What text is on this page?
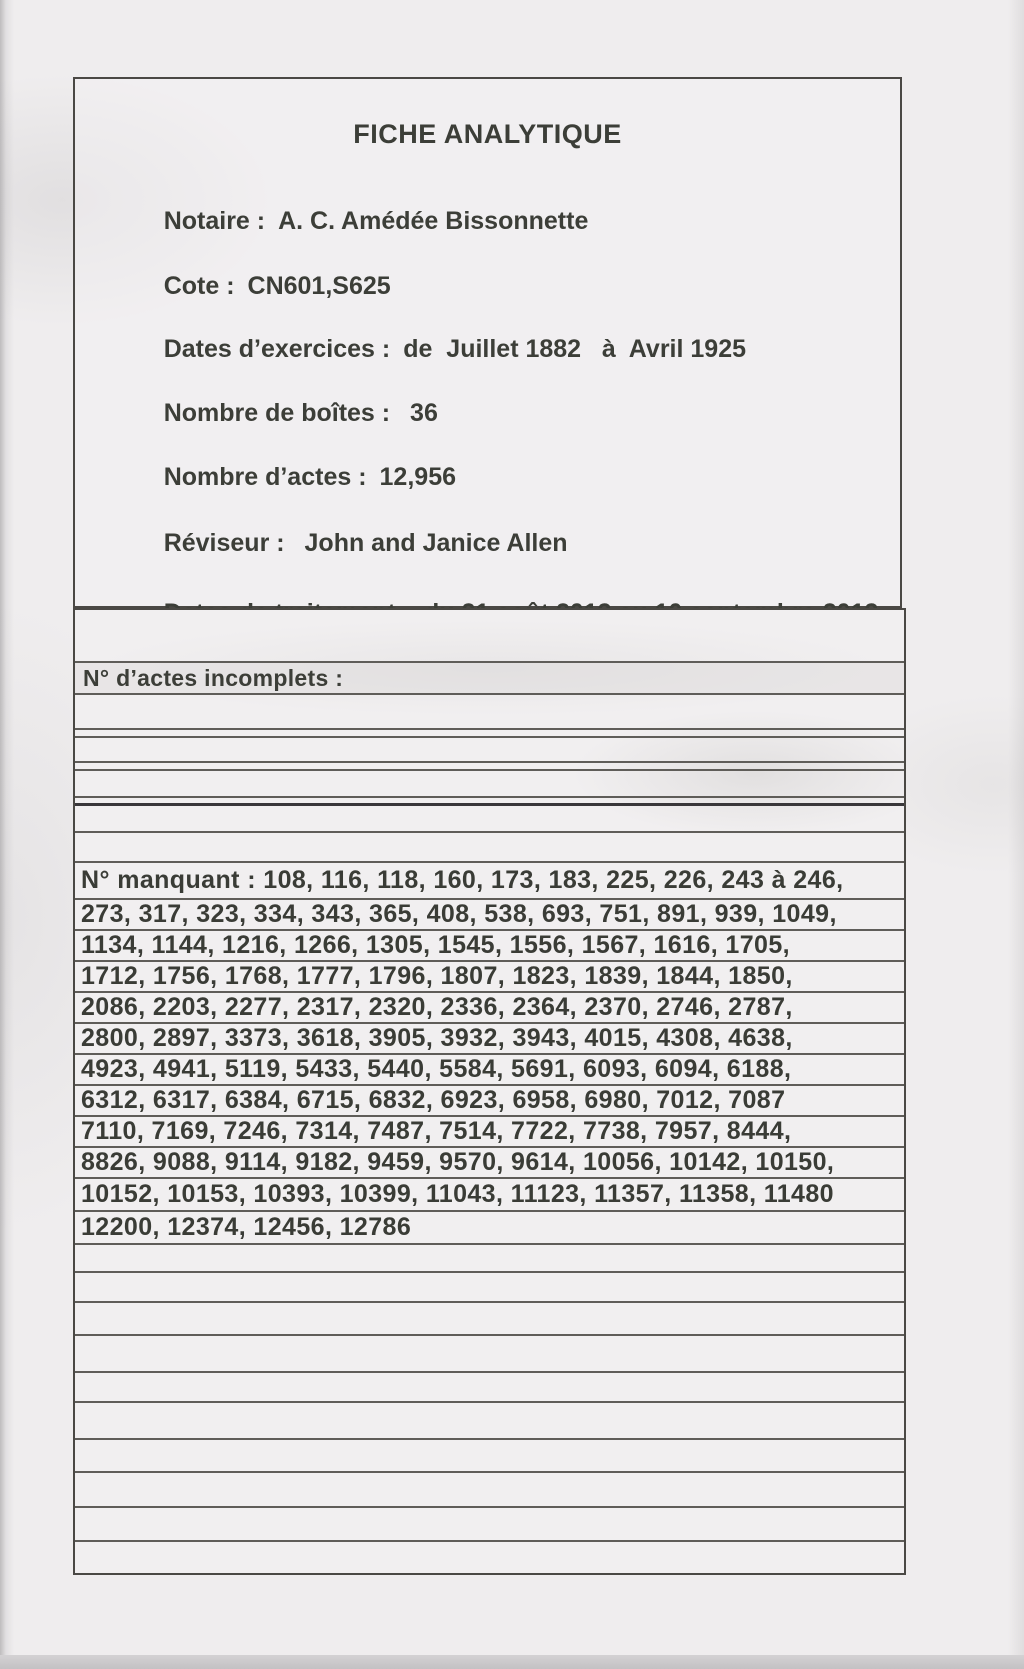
FICHE ANALYTIQUE

Notaire : A. C. Amédée Bissonnette

Cote : CN601,S625

Dates d’exercices : de  Juillet 1882   à  Avril 1925

Nombre de boîtes : 36

Nombre d’actes : 12,956

Réviseur : John and Janice Allen

N° d’actes incomplets :
N° manquant : 108, 116, 118, 160, 173, 183, 225, 226, 243 à 246,
273, 317, 323, 334, 343, 365, 408, 538, 693, 751, 891, 939, 1049,
1134, 1144, 1216, 1266, 1305, 1545, 1556, 1567, 1616, 1705,
1712, 1756, 1768, 1777, 1796, 1807, 1823, 1839, 1844, 1850,
2086, 2203, 2277, 2317, 2320, 2336, 2364, 2370, 2746, 2787,
2800, 2897, 3373, 3618, 3905, 3932, 3943, 4015, 4308, 4638,
4923, 4941, 5119, 5433, 5440, 5584, 5691, 6093, 6094, 6188,
6312, 6317, 6384, 6715, 6832, 6923, 6958, 6980, 7012, 7087
7110, 7169, 7246, 7314, 7487, 7514, 7722, 7738, 7957, 8444,
8826, 9088, 9114, 9182, 9459, 9570, 9614, 10056, 10142, 10150,
10152, 10153, 10393, 10399, 11043, 11123, 11357, 11358, 11480
12200, 12374, 12456, 12786
